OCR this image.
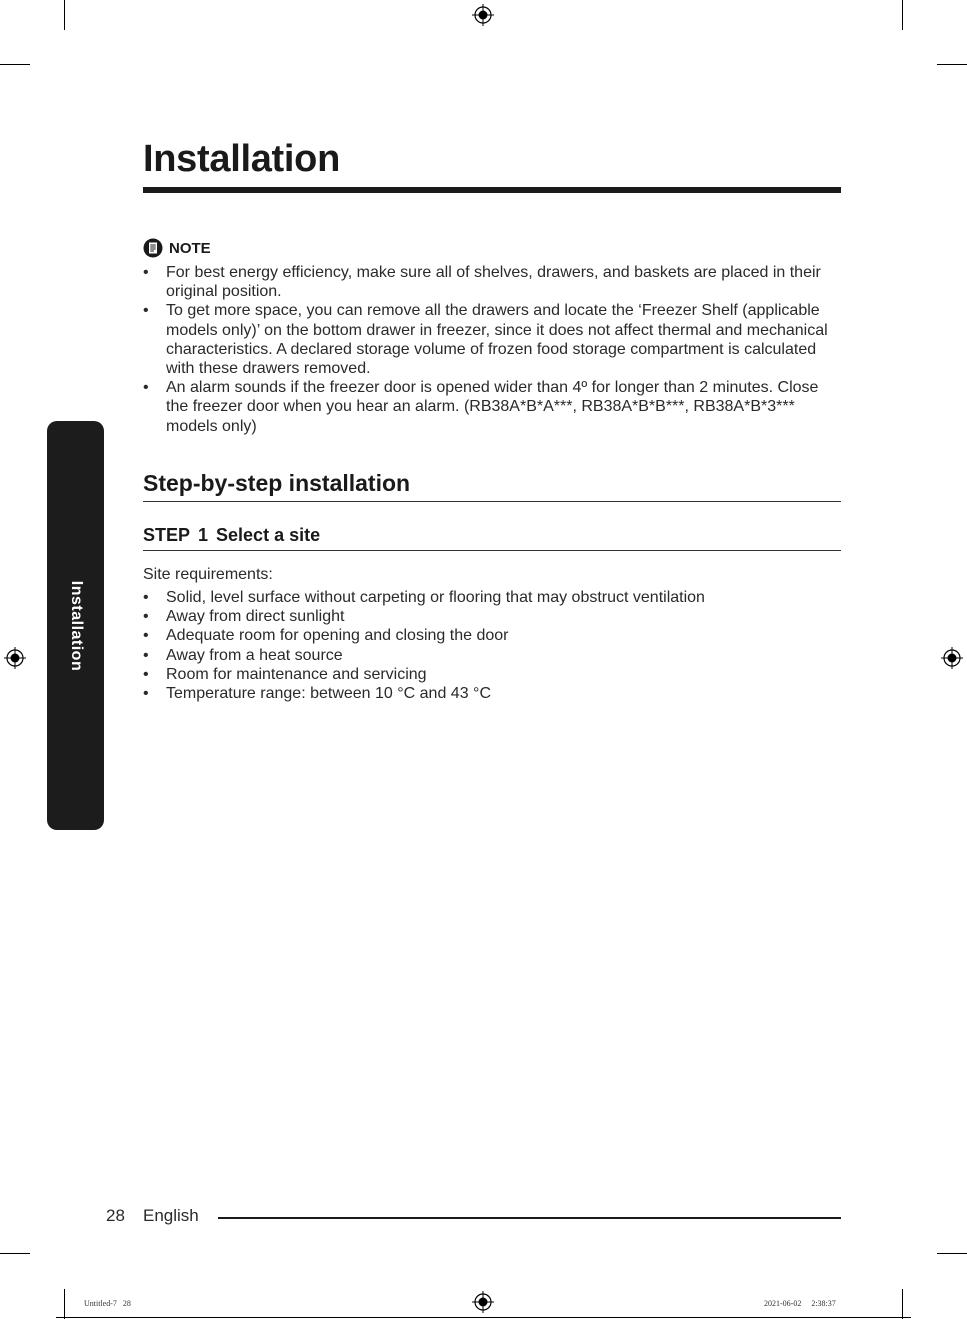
Installation
Installation
NOTE
• For best energy efficiency, make sure all of shelves, drawers, and baskets are placed in their original position.
• To get more space, you can remove all the drawers and locate the ‘Freezer Shelf (applicable models only)’ on the bottom drawer in freezer, since it does not affect thermal and mechanical characteristics. A declared storage volume of frozen food storage compartment is calculated with these drawers removed.
• An alarm sounds if the freezer door is opened wider than 4º for longer than 2 minutes. Close the freezer door when you hear an alarm. (RB38A*B*A***, RB38A*B*B***, RB38A*B*3*** models only)
Step-by-step installation
STEP 1 Select a site
Site requirements:
• Solid, level surface without carpeting or flooring that may obstruct ventilation
• Away from direct sunlight
• Adequate room for opening and closing the door
• Away from a heat source
• Room for maintenance and servicing
• Temperature range: between 10 °C and 43 °C
28 English
Untitled-7   28	2021-06-02     2:38:37
